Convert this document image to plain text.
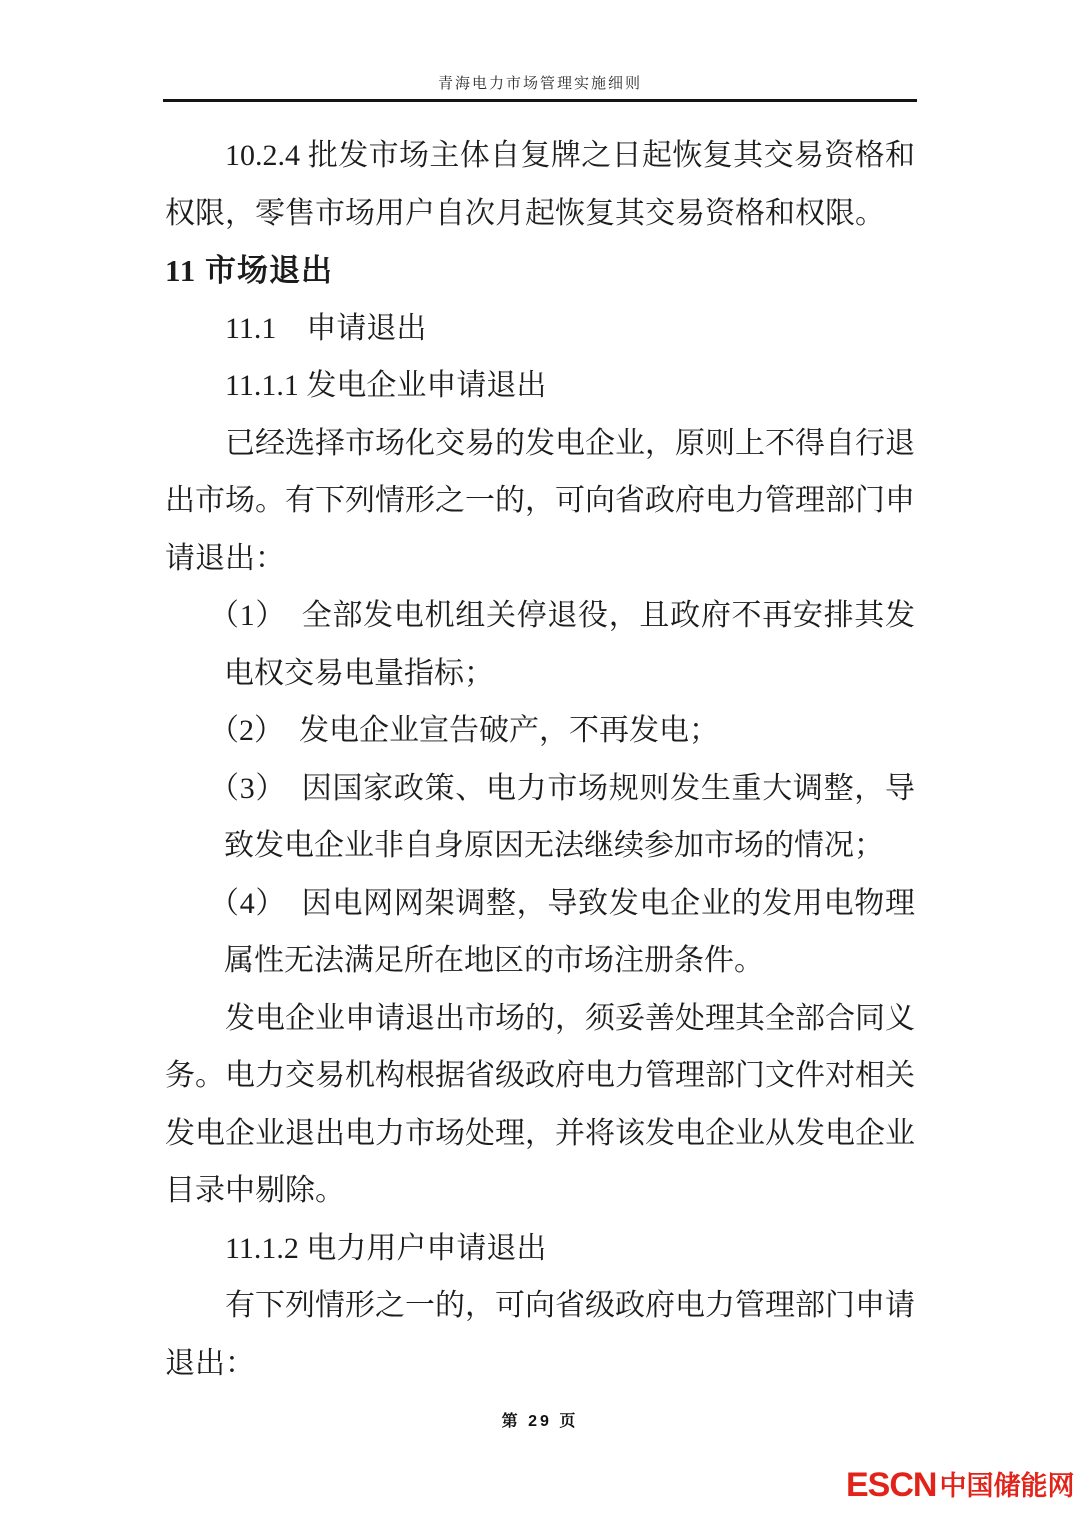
青海电力市场管理实施细则

10.2.4 批发市场主体自复牌之日起恢复其交易资格和权限，零售市场用户自次月起恢复其交易资格和权限。

11 市场退出

11.1　申请退出

11.1.1 发电企业申请退出

已经选择市场化交易的发电企业，原则上不得自行退出市场。有下列情形之一的，可向省政府电力管理部门申请退出：

（1）　全部发电机组关停退役，且政府不再安排其发电权交易电量指标；

（2）　发电企业宣告破产，不再发电；

（3）　因国家政策、电力市场规则发生重大调整，导致发电企业非自身原因无法继续参加市场的情况；

（4）　因电网网架调整，导致发电企业的发用电物理属性无法满足所在地区的市场注册条件。

发电企业申请退出市场的，须妥善处理其全部合同义务。电力交易机构根据省级政府电力管理部门文件对相关发电企业退出电力市场处理，并将该发电企业从发电企业目录中剔除。

11.1.2 电力用户申请退出

有下列情形之一的，可向省级政府电力管理部门申请退出：

第 29 页
ESCN 中国储能网
